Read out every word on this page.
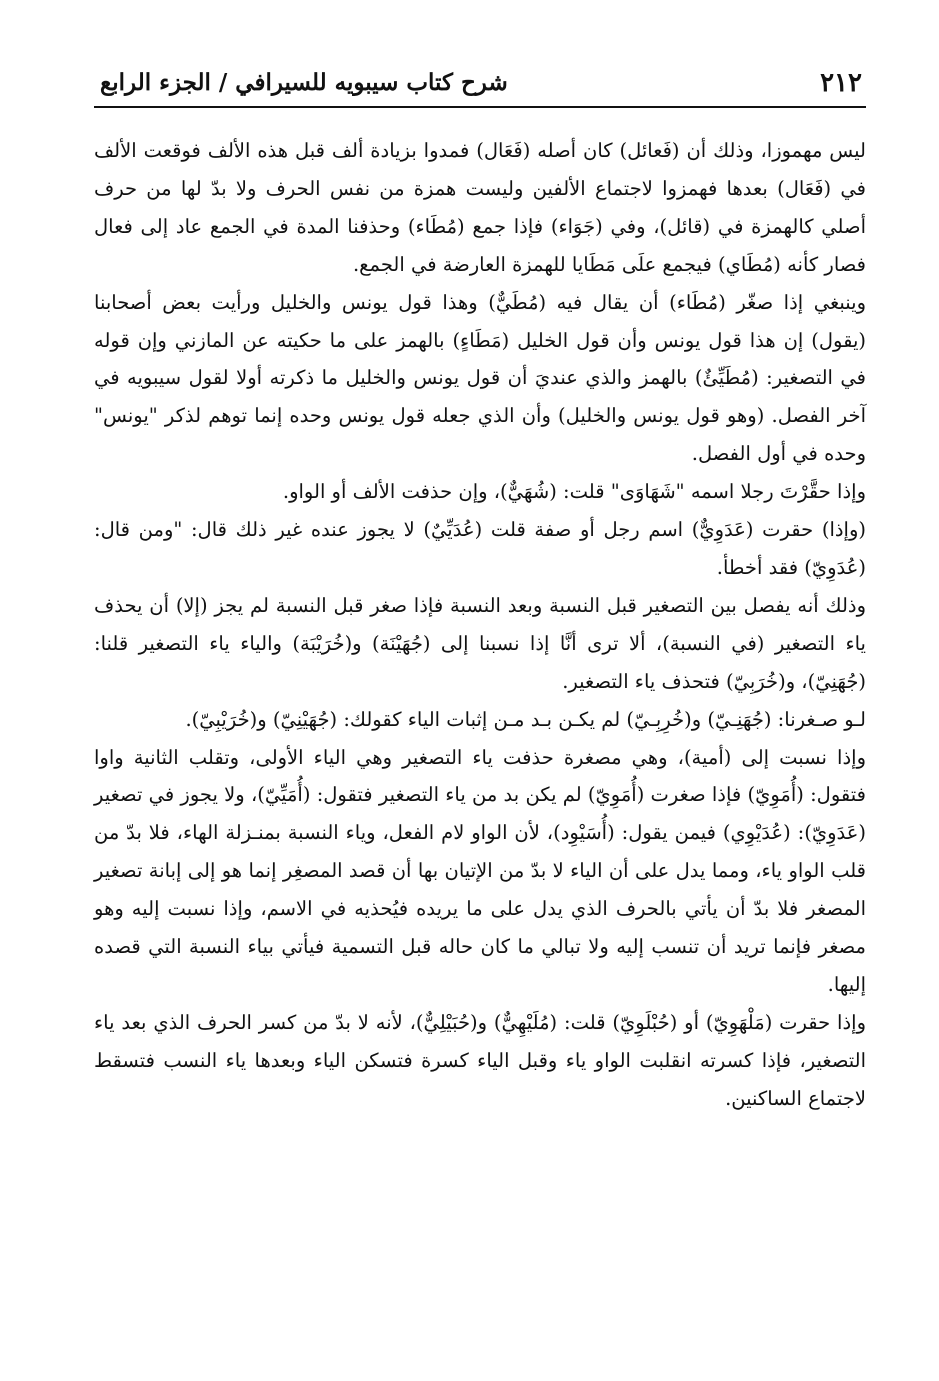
٢١٢
شرح كتاب سيبويه للسيرافي / الجزء الرابع

ليس مهموزا، وذلك أن (فَعائل) كان أصله (فَعَال) فمدوا بزيادة ألف قبل هذه الألف فوقعت الألف في (فَعَال) بعدها فهمزوا لاجتماع الألفين وليست همزة من نفس الحرف ولا بدّ لها من حرف أصلي كالهمزة في (قائل)، وفي (جَوَاء) فإذا جمع (مُطَاء) وحذفنا المدة في الجمع عاد إلى فعال فصار كأنه (مُطَاي) فيجمع علَى مَطَايا للهمزة العارضة في الجمع.

وينبغي إذا صغّر (مُطَاء) أن يقال فيه (مُطَيٌّ) وهذا قول يونس والخليل ورأيت بعض أصحابنا (يقول) إن هذا قول يونس وأن قول الخليل (مَطَاءٍ) بالهمز على ما حكيته عن المازني وإن قوله في التصغير: (مُطَيِّئٌ) بالهمز والذي عنديَ أن قول يونس والخليل ما ذكرته أولا لقول سيبويه في آخر الفصل. (وهو قول يونس والخليل) وأن الذي جعله قول يونس وحده إنما توهم لذكر "يونس" وحده في أول الفصل.

وإذا حقَّرْتَ رجلا اسمه "شَهَاوَى" قلت: (شُهَيٌّ)، وإن حذفت الألف أو الواو.

(وإذا) حقرت (عَدَوِيٌّ) اسم رجل أو صفة قلت (عُدَيِّيٌ) لا يجوز عنده غير ذلك قال: "ومن قال: (عُدَوِيّ) فقد أخطأ.

وذلك أنه يفصل بين التصغير قبل النسبة وبعد النسبة فإذا صغر قبل النسبة لم يجز (إلا) أن يحذف ياء التصغير (في النسبة)، ألا ترى أنَّا إذا نسبنا إلى (جُهَيْنَة) و(خُرَيْبَة) والياء ياء التصغير قلنا: (جُهَنِيّ)، و(خُرَبِيّ) فتحذف ياء التصغير.

لـو صـغرنا: (جُهَنِـيّ) و(خُرِبِـيّ) لم يكـن بـد مـن إثبات الياء كقولك: (جُهَيْنِيّ) و(خُرَيْبِيّ).

وإذا نسبت إلى (أمية)، وهي مصغرة حذفت ياء التصغير وهي الياء الأولى، وتقلب الثانية واوا فتقول: (أُمَوِيّ) فإذا صغرت (أُمَوِيّ) لم يكن بد من ياء التصغير فتقول: (أُمَيِّيّ)، ولا يجوز في تصغير (عَدَوِيّ): (عُدَيْوِي) فيمن يقول: (أُسَيْوِد)، لأن الواو لام الفعل، وياء النسبة بمنـزلة الهاء، فلا بدّ من قلب الواو ياء، ومما يدل على أن الياء لا بدّ من الإتيان بها أن قصد المصغِر إنما هو إلى إبانة تصغير المصغر فلا بدّ أن يأتي بالحرف الذي يدل على ما يريده فيُحذيه في الاسم، وإذا نسبت إليه وهو مصغر فإنما تريد أن تنسب إليه ولا تبالي ما كان حاله قبل التسمية فيأتي بياء النسبة التي قصده إليها.

وإذا حقرت (مَلْهَوِيّ) أو (حُبْلَوِيّ) قلت: (مُلَيْهِيٌّ) و(حُبَيْلِيٌّ)، لأنه لا بدّ من كسر الحرف الذي بعد ياء التصغير، فإذا كسرته انقلبت الواو ياء وقبل الياء كسرة فتسكن الياء وبعدها ياء النسب فتسقط لاجتماع الساكنين.
